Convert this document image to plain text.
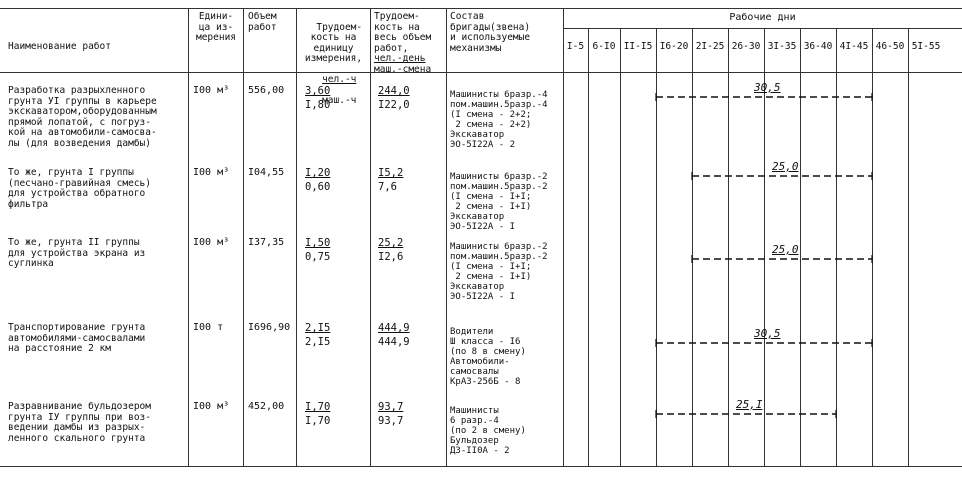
Наименование работ
Едини-
ца из-
мерения
Объем
работ	Трудоем-
кость на
единицу
измерения,

чел.-ч

маш.-ч

Трудоем-
кость на
весь объем
работ,
чел.-день
маш.-смена
Состав
бригады(звена)
и используемые
механизмы
Рабочие дни
I-5 6-I0 II-I5 I6-20 2I-25 26-30 3I-35 36-40 4I-45 46-50 5I-55
Разработка разрыхленного
грунта УI группы в карьере
экскаватором,оборудованным
прямой лопатой, с погруз-
кой на автомобили-самосва-
лы (для возведения дамбы)
I00 м³ 556,00 3,60
I,80
244,0
I22,0
Машинисты 6разр.-4
пом.машин.5разр.-4
(I смена - 2+2;
2 смена - 2+2)
Экскаватор
ЭО-5I22А - 2
То же, грунта I группы
(песчано-гравийная смесь)
для устройства обратного
фильтра
I00 м³ I04,55 I,20
0,60
I5,2
7,6
Машинисты 6разр.-2
пом.машин.5разр.-2
(I смена - I+I;
2 смена - I+I)
Экскаватор
ЭО-5I22А - I
То же, грунта II группы
для устройства экрана из
суглинка
I00 м³ I37,35 I,50
0,75
25,2
I2,6
Машинисты 6разр.-2
пом.машин.5разр.-2
(I смена - I+I;
2 смена - I+I)
Экскаватор
ЭО-5I22А - I
Транспортирование грунта
автомобилями-самосвалами
на расстояние 2 км
I00 т I696,90 2,I5
2,I5
444,9
444,9
Водители
Ш класса - I6
(по 8 в смену)
Автомобили-
самосвалы
КрАЗ-256Б - 8
Разравнивание бульдозером
грунта IУ группы при воз-
ведении дамбы из разрых-
ленного скального грунта
I00 м³ 452,00 I,70
I,70
93,7
93,7
Машинисты
6 разр.-4
(по 2 в смену)
Бульдозер
ДЗ-II0А - 2
30,5
25,0
25,0
30,5
25,I
